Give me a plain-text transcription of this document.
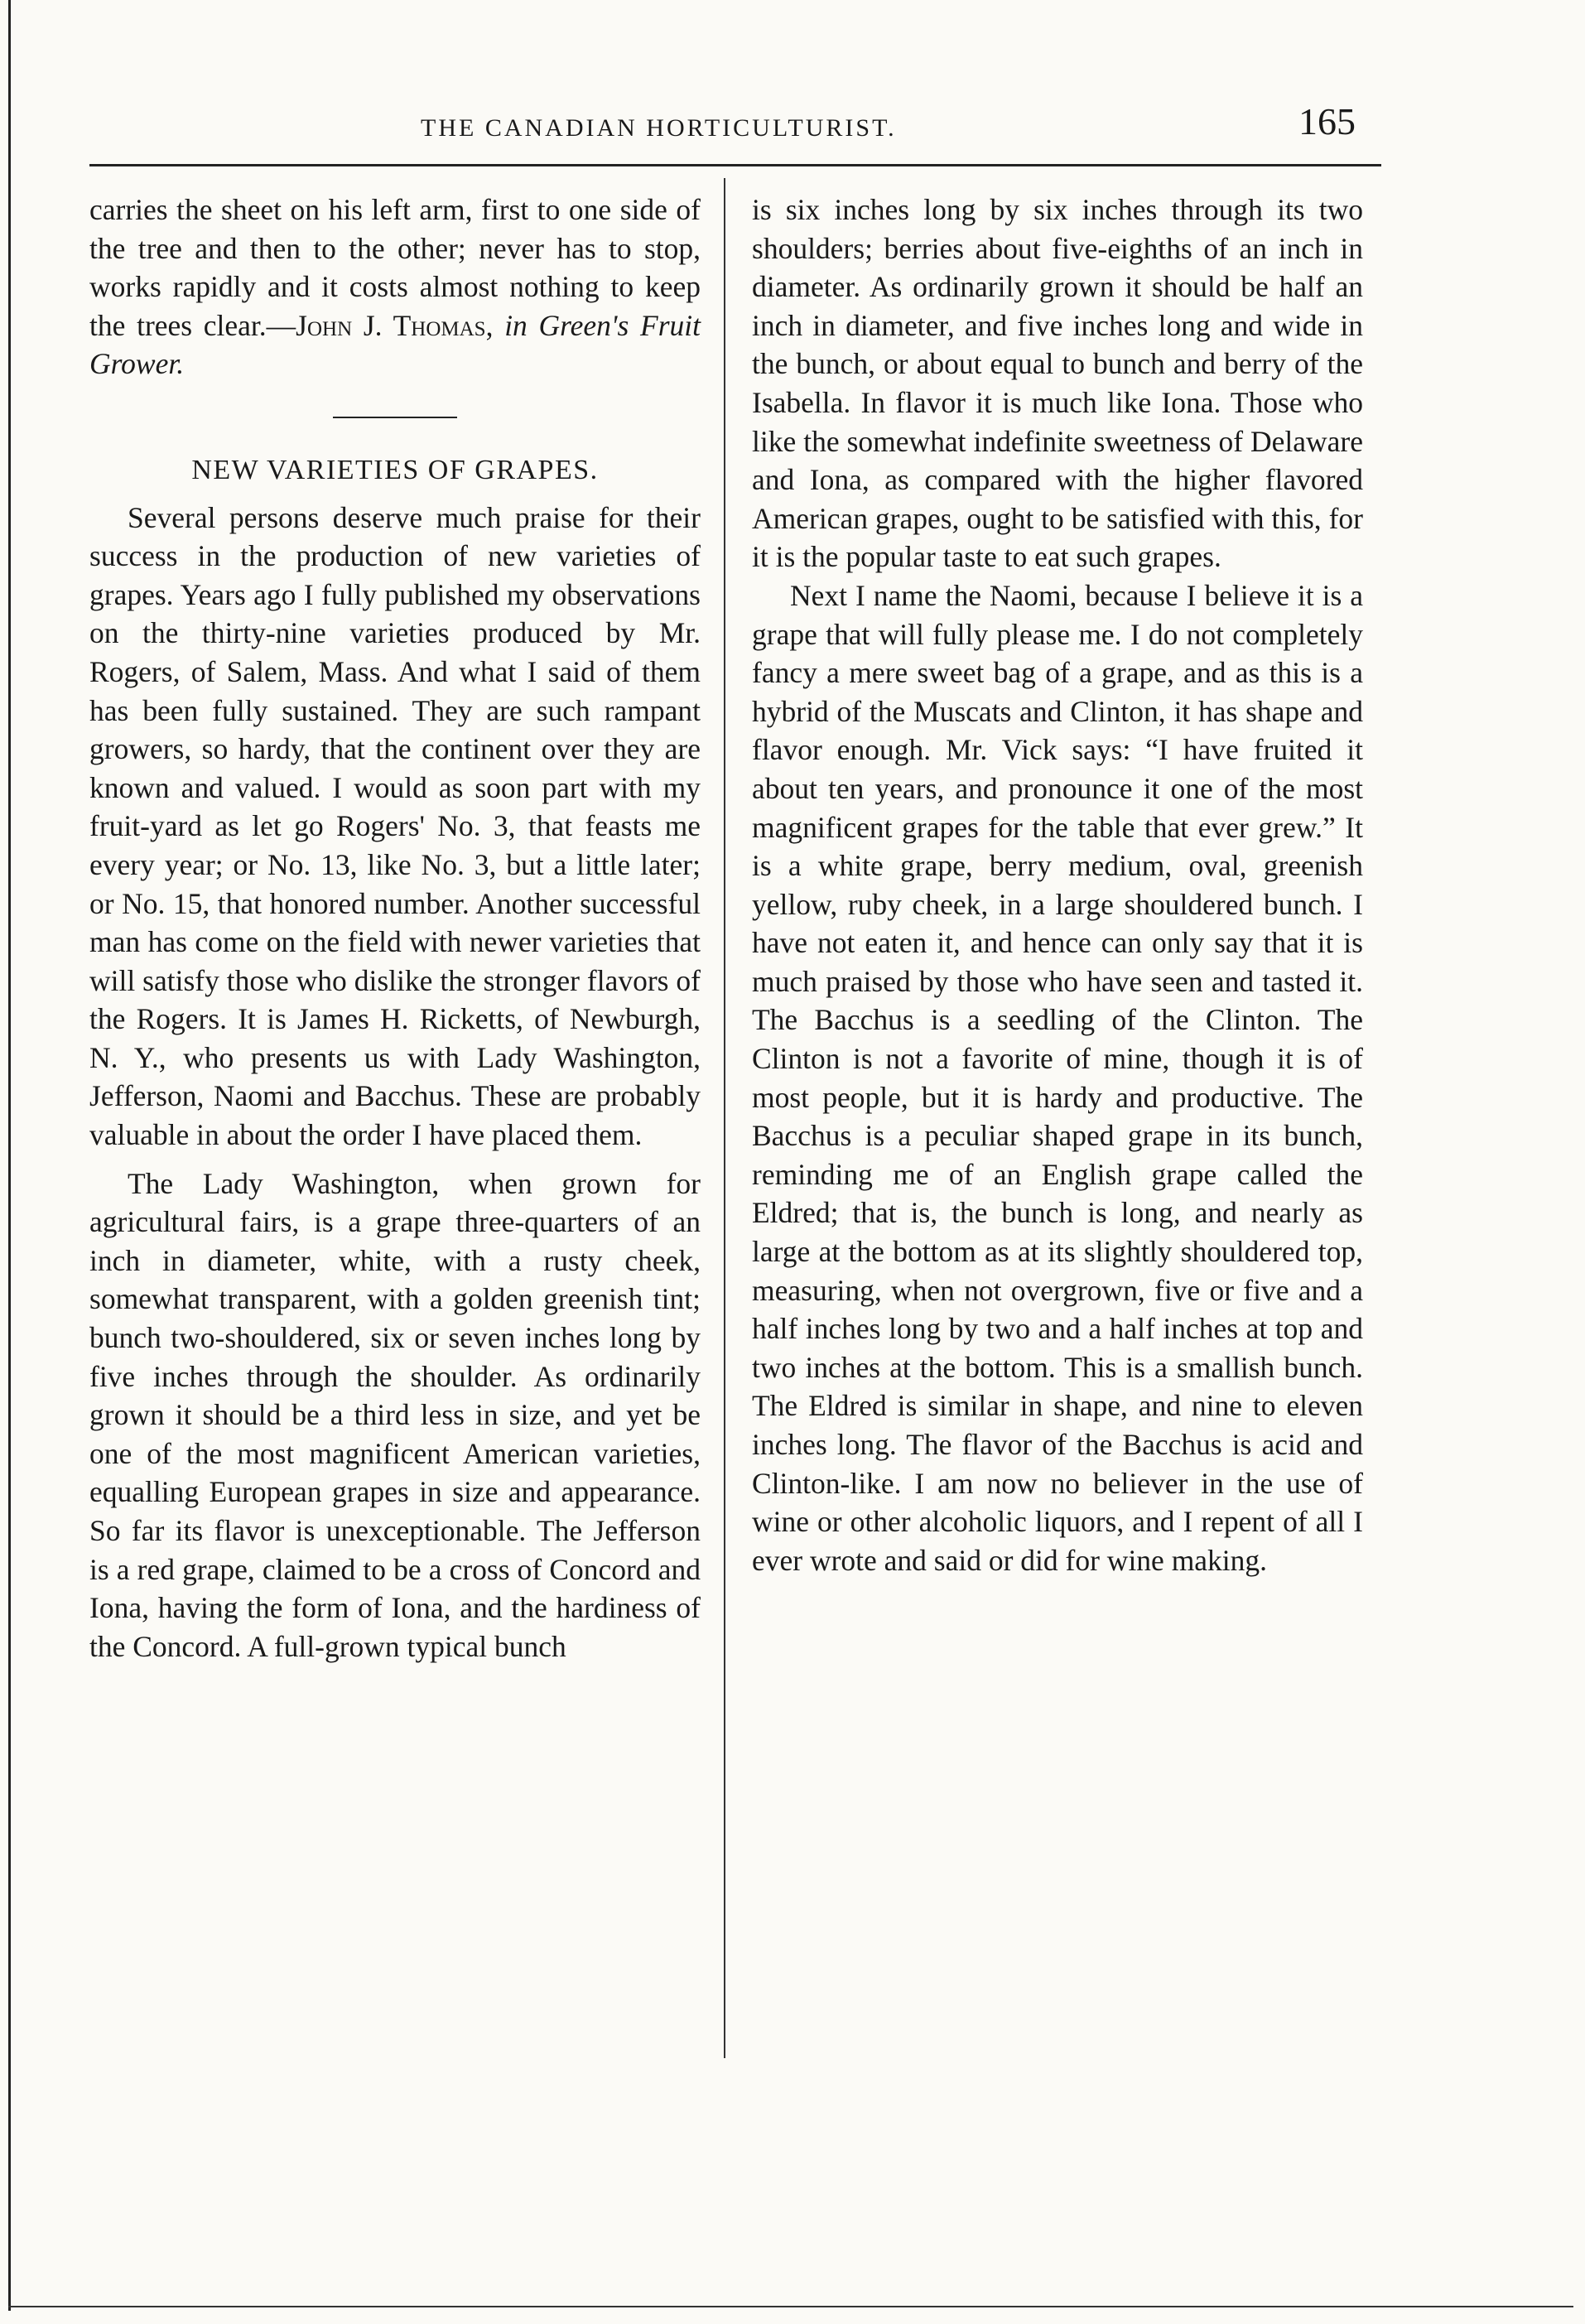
THE CANADIAN HORTICULTURIST.	165

carries the sheet on his left arm, first to one side of the tree and then to the other; never has to stop, works rapidly and it costs almost nothing to keep the trees clear.—John J. Thomas, in Green's Fruit Grower.

NEW VARIETIES OF GRAPES.

Several persons deserve much praise for their success in the production of new varieties of grapes. Years ago I fully published my observations on the thirty-nine varieties produced by Mr. Rogers, of Salem, Mass. And what I said of them has been fully sustained. They are such rampant growers, so hardy, that the continent over they are known and valued. I would as soon part with my fruit-yard as let go Rogers' No. 3, that feasts me every year; or No. 13, like No. 3, but a little later; or No. 15, that honored number. Another successful man has come on the field with newer varieties that will satisfy those who dislike the stronger flavors of the Rogers. It is James H. Ricketts, of Newburgh, N. Y., who presents us with Lady Washington, Jefferson, Naomi and Bacchus. These are probably valuable in about the order I have placed them.

The Lady Washington, when grown for agricultural fairs, is a grape three-quarters of an inch in diameter, white, with a rusty cheek, somewhat transparent, with a golden greenish tint; bunch two-shouldered, six or seven inches long by five inches through the shoulder. As ordinarily grown it should be a third less in size, and yet be one of the most magnificent American varieties, equalling European grapes in size and appearance. So far its flavor is unexceptionable. The Jefferson is a red grape, claimed to be a cross of Concord and Iona, having the form of Iona, and the hardiness of the Concord. A full-grown typical bunch

is six inches long by six inches through its two shoulders; berries about five-eighths of an inch in diameter. As ordinarily grown it should be half an inch in diameter, and five inches long and wide in the bunch, or about equal to bunch and berry of the Isabella. In flavor it is much like Iona. Those who like the somewhat indefinite sweetness of Delaware and Iona, as compared with the higher flavored American grapes, ought to be satisfied with this, for it is the popular taste to eat such grapes.

Next I name the Naomi, because I believe it is a grape that will fully please me. I do not completely fancy a mere sweet bag of a grape, and as this is a hybrid of the Muscats and Clinton, it has shape and flavor enough. Mr. Vick says: “I have fruited it about ten years, and pronounce it one of the most magnificent grapes for the table that ever grew.” It is a white grape, berry medium, oval, greenish yellow, ruby cheek, in a large shouldered bunch. I have not eaten it, and hence can only say that it is much praised by those who have seen and tasted it. The Bacchus is a seedling of the Clinton. The Clinton is not a favorite of mine, though it is of most people, but it is hardy and productive. The Bacchus is a peculiar shaped grape in its bunch, reminding me of an English grape called the Eldred; that is, the bunch is long, and nearly as large at the bottom as at its slightly shouldered top, measuring, when not overgrown, five or five and a half inches long by two and a half inches at top and two inches at the bottom. This is a smallish bunch. The Eldred is similar in shape, and nine to eleven inches long. The flavor of the Bacchus is acid and Clinton-like. I am now no believer in the use of wine or other alcoholic liquors, and I repent of all I ever wrote and said or did for wine making.
